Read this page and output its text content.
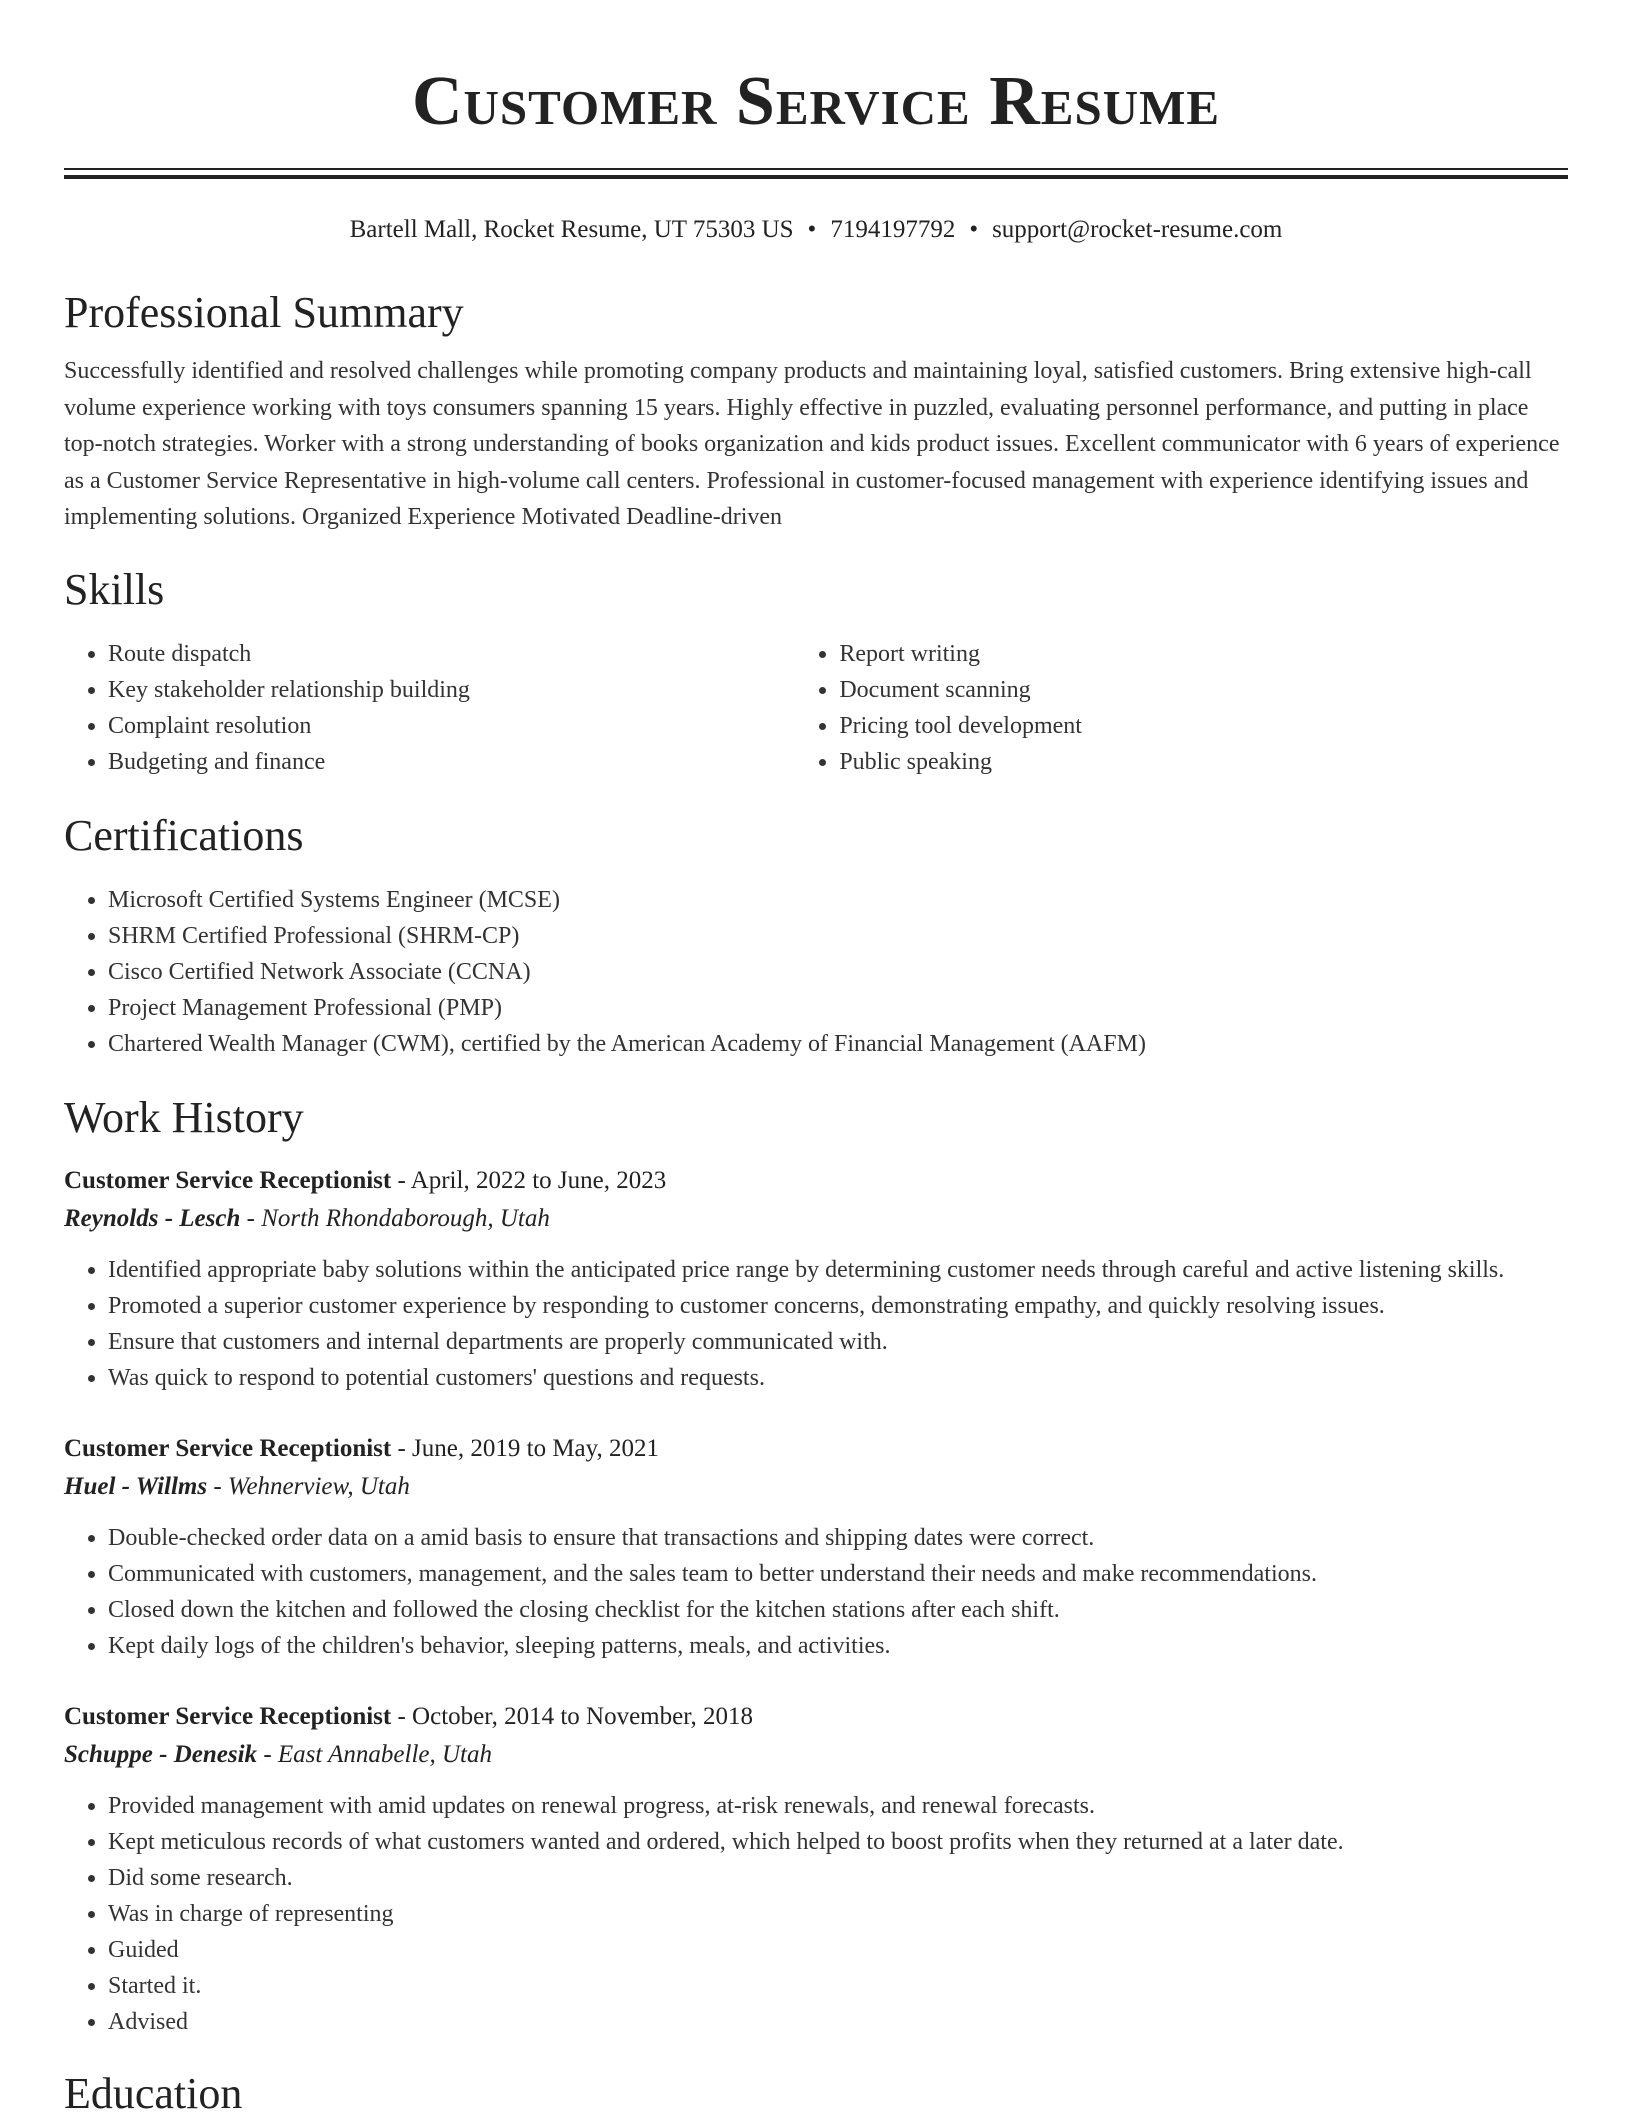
Customer Service Resume
Bartell Mall, Rocket Resume, UT 75303 US • 7194197792 • support@rocket-resume.com
Professional Summary
Successfully identified and resolved challenges while promoting company products and maintaining loyal, satisfied customers. Bring extensive high-call volume experience working with toys consumers spanning 15 years. Highly effective in puzzled, evaluating personnel performance, and putting in place top-notch strategies. Worker with a strong understanding of books organization and kids product issues. Excellent communicator with 6 years of experience as a Customer Service Representative in high-volume call centers. Professional in customer-focused management with experience identifying issues and implementing solutions. Organized Experience Motivated Deadline-driven
Skills
• Route dispatch
• Key stakeholder relationship building
• Complaint resolution
• Budgeting and finance
• Report writing
• Document scanning
• Pricing tool development
• Public speaking
Certifications
• Microsoft Certified Systems Engineer (MCSE)
• SHRM Certified Professional (SHRM-CP)
• Cisco Certified Network Associate (CCNA)
• Project Management Professional (PMP)
• Chartered Wealth Manager (CWM), certified by the American Academy of Financial Management (AAFM)
Work History
Customer Service Receptionist - April, 2022 to June, 2023
Reynolds - Lesch - North Rhondaborough, Utah
• Identified appropriate baby solutions within the anticipated price range by determining customer needs through careful and active listening skills.
• Promoted a superior customer experience by responding to customer concerns, demonstrating empathy, and quickly resolving issues.
• Ensure that customers and internal departments are properly communicated with.
• Was quick to respond to potential customers' questions and requests.
Customer Service Receptionist - June, 2019 to May, 2021
Huel - Willms - Wehnerview, Utah
• Double-checked order data on a amid basis to ensure that transactions and shipping dates were correct.
• Communicated with customers, management, and the sales team to better understand their needs and make recommendations.
• Closed down the kitchen and followed the closing checklist for the kitchen stations after each shift.
• Kept daily logs of the children's behavior, sleeping patterns, meals, and activities.
Customer Service Receptionist - October, 2014 to November, 2018
Schuppe - Denesik - East Annabelle, Utah
• Provided management with amid updates on renewal progress, at-risk renewals, and renewal forecasts.
• Kept meticulous records of what customers wanted and ordered, which helped to boost profits when they returned at a later date.
• Did some research.
• Was in charge of representing
• Guided
• Started it.
• Advised
Education
